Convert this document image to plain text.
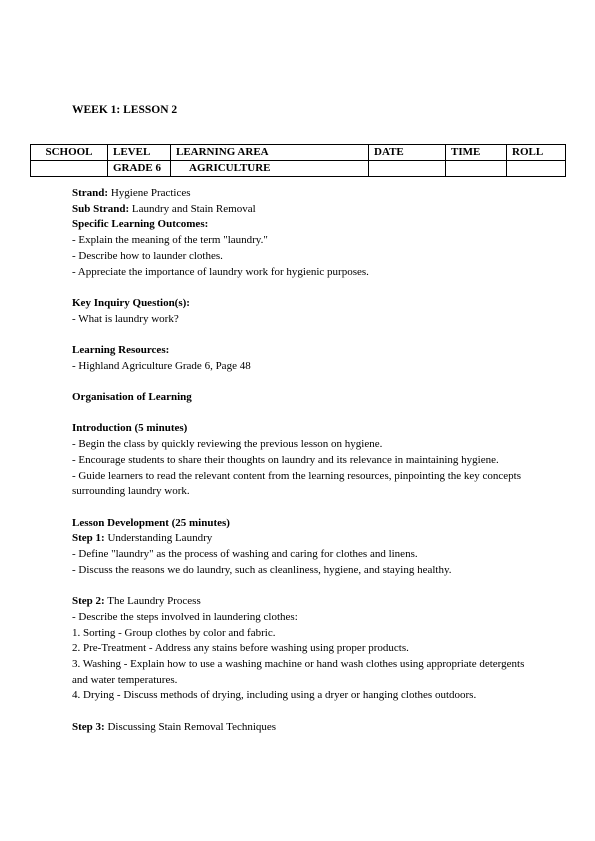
WEEK 1: LESSON 2
SCHOOL	LEVEL	LEARNING AREA	DATE	TIME	ROLL
	GRADE 6	AGRICULTURE			

Strand: Hygiene Practices

Sub Strand: Laundry and Stain Removal

Specific Learning Outcomes:

- Explain the meaning of the term "laundry."

- Describe how to launder clothes.

- Appreciate the importance of laundry work for hygienic purposes.

Key Inquiry Question(s):

- What is laundry work?

Learning Resources:

- Highland Agriculture Grade 6, Page 48

Organisation of Learning

Introduction (5 minutes)

- Begin the class by quickly reviewing the previous lesson on hygiene.

- Encourage students to share their thoughts on laundry and its relevance in maintaining hygiene.

- Guide learners to read the relevant content from the learning resources, pinpointing the key concepts surrounding laundry work.

Lesson Development (25 minutes)

Step 1: Understanding Laundry

- Define "laundry" as the process of washing and caring for clothes and linens.

- Discuss the reasons we do laundry, such as cleanliness, hygiene, and staying healthy.

Step 2: The Laundry Process

- Describe the steps involved in laundering clothes:

1. Sorting - Group clothes by color and fabric.

2. Pre-Treatment - Address any stains before washing using proper products.

3. Washing - Explain how to use a washing machine or hand wash clothes using appropriate detergents and water temperatures.

4. Drying - Discuss methods of drying, including using a dryer or hanging clothes outdoors.

Step 3: Discussing Stain Removal Techniques
